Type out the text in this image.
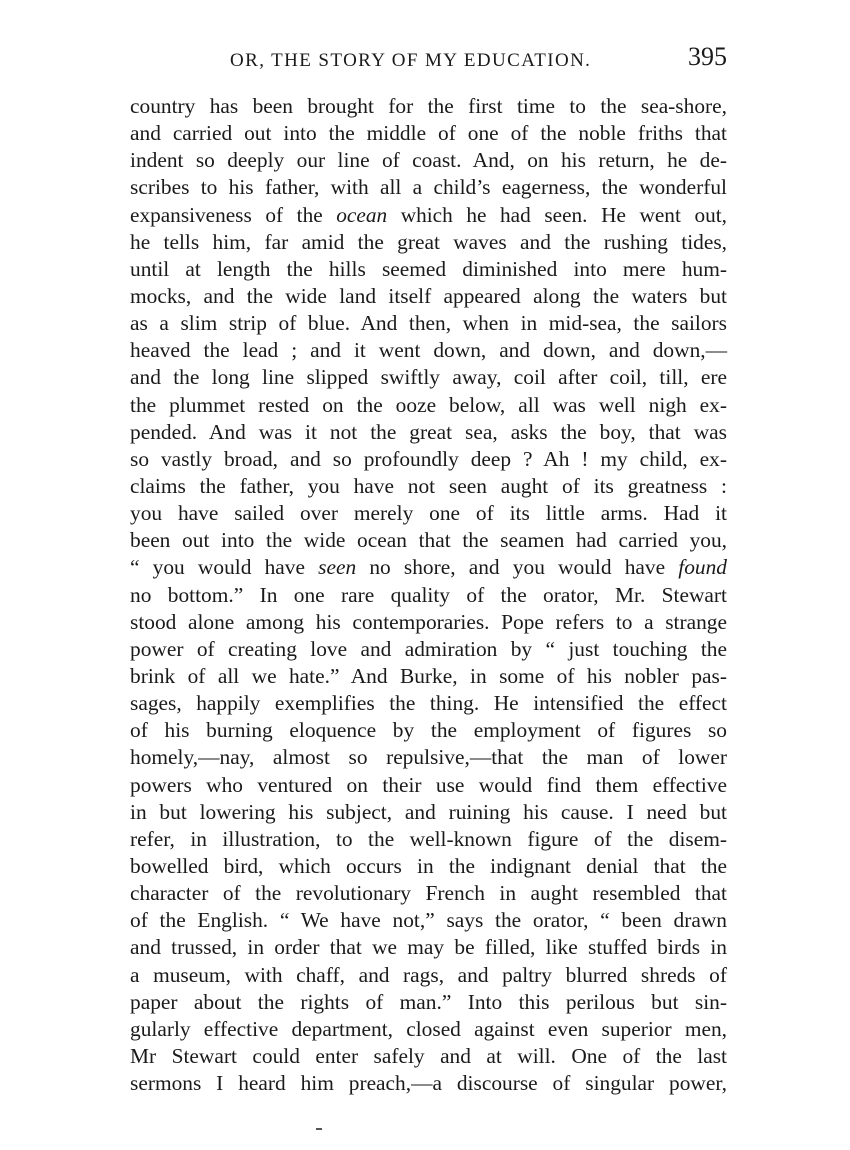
OR, THE STORY OF MY EDUCATION.	395
country has been brought for the first time to the sea-shore,
and carried out into the middle of one of the noble friths that
indent so deeply our line of coast. And, on his return, he de-
scribes to his father, with all a child’s eagerness, the wonderful
expansiveness of the ocean which he had seen. He went out,
he tells him, far amid the great waves and the rushing tides,
until at length the hills seemed diminished into mere hum-
mocks, and the wide land itself appeared along the waters but
as a slim strip of blue. And then, when in mid-sea, the sailors
heaved the lead ; and it went down, and down, and down,—
and the long line slipped swiftly away, coil after coil, till, ere
the plummet rested on the ooze below, all was well nigh ex-
pended. And was it not the great sea, asks the boy, that was
so vastly broad, and so profoundly deep ? Ah ! my child, ex-
claims the father, you have not seen aught of its greatness :
you have sailed over merely one of its little arms. Had it
been out into the wide ocean that the seamen had carried you,
“ you would have seen no shore, and you would have found
no bottom.” In one rare quality of the orator, Mr. Stewart
stood alone among his contemporaries. Pope refers to a strange
power of creating love and admiration by “ just touching the
brink of all we hate.” And Burke, in some of his nobler pas-
sages, happily exemplifies the thing. He intensified the effect
of his burning eloquence by the employment of figures so
homely,—nay, almost so repulsive,—that the man of lower
powers who ventured on their use would find them effective
in but lowering his subject, and ruining his cause. I need but
refer, in illustration, to the well-known figure of the disem-
bowelled bird, which occurs in the indignant denial that the
character of the revolutionary French in aught resembled that
of the English. “ We have not,” says the orator, “ been drawn
and trussed, in order that we may be filled, like stuffed birds in
a museum, with chaff, and rags, and paltry blurred shreds of
paper about the rights of man.” Into this perilous but sin-
gularly effective department, closed against even superior men,
Mr Stewart could enter safely and at will. One of the last
sermons I heard him preach,—a discourse of singular power,
